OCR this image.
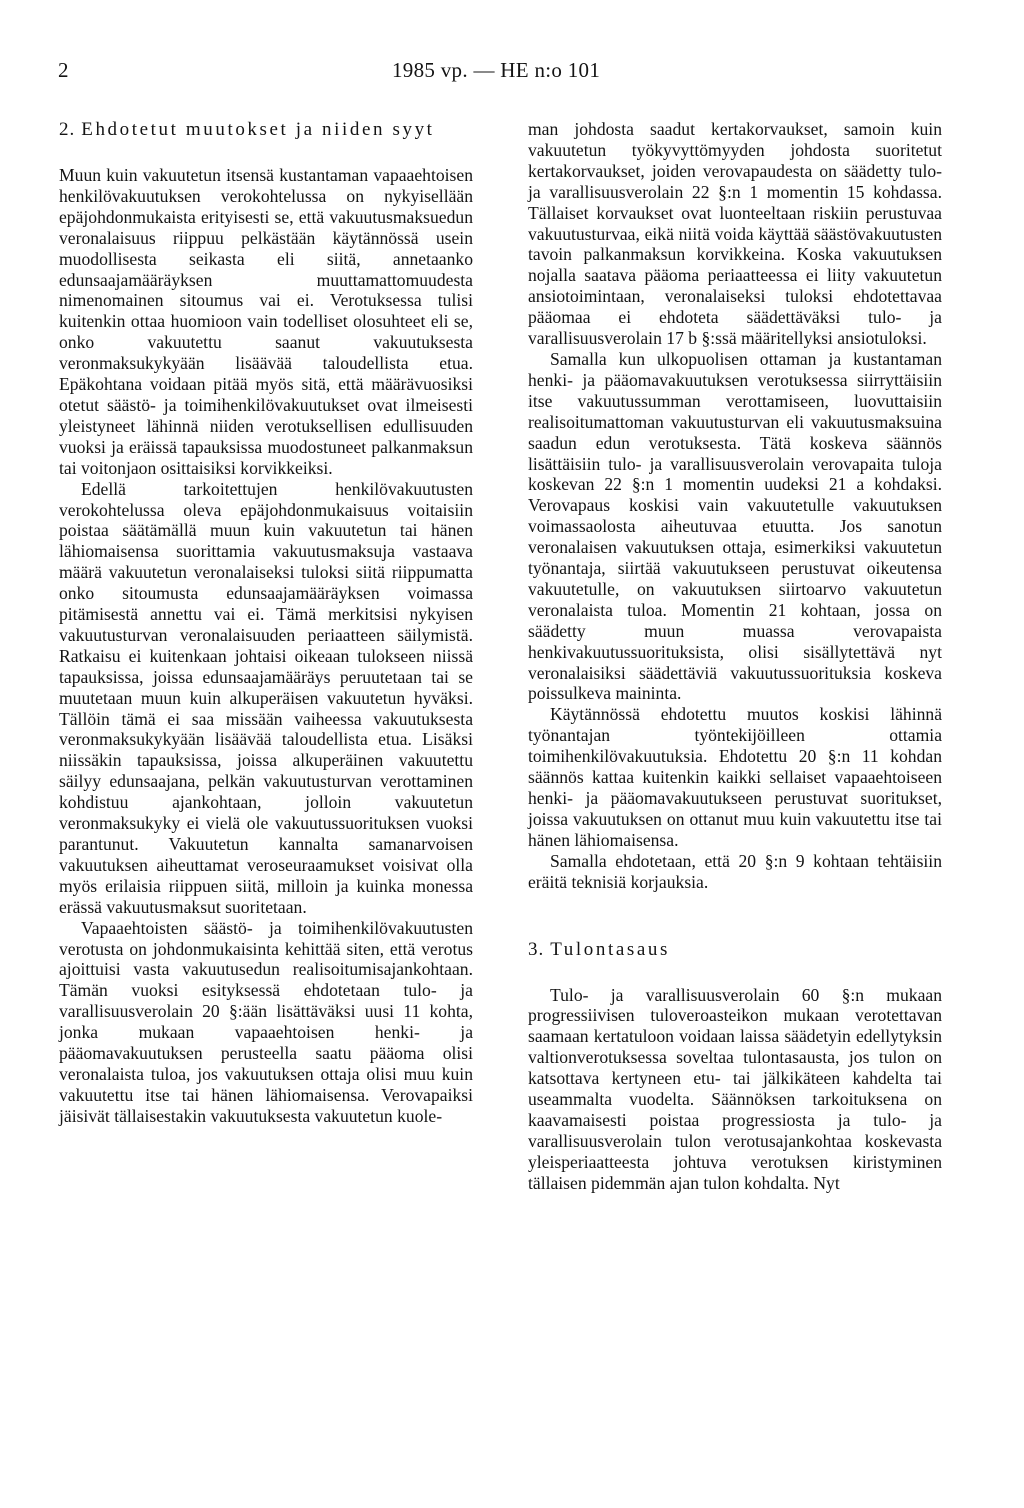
2	1985 vp. — HE n:o 101
2. Ehdotetut muutokset ja niiden syyt

Muun kuin vakuutetun itsensä kustantaman vapaaehtoisen henkilövakuutuksen verokohtelussa on nykyisellään epäjohdonmukaista erityisesti se, että vakuutusmaksuedun veronalaisuus riippuu pelkästään käytännössä usein muodollisesta seikasta eli siitä, annetaanko edunsaajamääräyksen muuttamattomuudesta nimenomainen sitoumus vai ei. Verotuksessa tulisi kuitenkin ottaa huomioon vain todelliset olosuhteet eli se, onko vakuutettu saanut vakuutuksesta veronmaksukykyään lisäävää taloudellista etua. Epäkohtana voidaan pitää myös sitä, että määrävuosiksi otetut säästö- ja toimihenkilövakuutukset ovat ilmeisesti yleistyneet lähinnä niiden verotuksellisen edullisuuden vuoksi ja eräissä tapauksissa muodostuneet palkanmaksun tai voitonjaon osittaisiksi korvikkeiksi.

Edellä tarkoitettujen henkilövakuutusten verokohtelussa oleva epäjohdonmukaisuus voitaisiin poistaa säätämällä muun kuin vakuutetun tai hänen lähiomaisensa suorittamia vakuutusmaksuja vastaava määrä vakuutetun veronalaiseksi tuloksi siitä riippumatta onko sitoumusta edunsaajamääräyksen voimassa pitämisestä annettu vai ei. Tämä merkitsisi nykyisen vakuutusturvan veronalaisuuden periaatteen säilymistä. Ratkaisu ei kuitenkaan johtaisi oikeaan tulokseen niissä tapauksissa, joissa edunsaajamääräys peruutetaan tai se muutetaan muun kuin alkuperäisen vakuutetun hyväksi. Tällöin tämä ei saa missään vaiheessa vakuutuksesta veronmaksukykyään lisäävää taloudellista etua. Lisäksi niissäkin tapauksissa, joissa alkuperäinen vakuutettu säilyy edunsaajana, pelkän vakuutusturvan verottaminen kohdistuu ajankohtaan, jolloin vakuutetun veronmaksukyky ei vielä ole vakuutussuorituksen vuoksi parantunut. Vakuutetun kannalta samanarvoisen vakuutuksen aiheuttamat veroseuraamukset voisivat olla myös erilaisia riippuen siitä, milloin ja kuinka monessa erässä vakuutusmaksut suoritetaan.

Vapaaehtoisten säästö- ja toimihenkilövakuutusten verotusta on johdonmukaisinta kehittää siten, että verotus ajoittuisi vasta vakuutusedun realisoitumisajankohtaan. Tämän vuoksi esityksessä ehdotetaan tulo- ja varallisuusverolain 20 §:ään lisättäväksi uusi 11 kohta, jonka mukaan vapaaehtoisen henki- ja pääomavakuutuksen perusteella saatu pääoma olisi veronalaista tuloa, jos vakuutuksen ottaja olisi muu kuin vakuutettu itse tai hänen lähiomaisensa. Verovapaiksi jäisivät tällaisestakin vakuutuksesta vakuutetun kuole-

man johdosta saadut kertakorvaukset, samoin kuin vakuutetun työkyvyttömyyden johdosta suoritetut kertakorvaukset, joiden verovapaudesta on säädetty tulo- ja varallisuusverolain 22 §:n 1 momentin 15 kohdassa. Tällaiset korvaukset ovat luonteeltaan riskiin perustuvaa vakuutusturvaa, eikä niitä voida käyttää säästövakuutusten tavoin palkanmaksun korvikkeina. Koska vakuutuksen nojalla saatava pääoma periaatteessa ei liity vakuutetun ansiotoimintaan, veronalaiseksi tuloksi ehdotettavaa pääomaa ei ehdoteta säädettäväksi tulo- ja varallisuusverolain 17 b §:ssä määritellyksi ansiotuloksi.

Samalla kun ulkopuolisen ottaman ja kustantaman henki- ja pääomavakuutuksen verotuksessa siirryttäisiin itse vakuutussumman verottamiseen, luovuttaisiin realisoitumattoman vakuutusturvan eli vakuutusmaksuina saadun edun verotuksesta. Tätä koskeva säännös lisättäisiin tulo- ja varallisuusverolain verovapaita tuloja koskevan 22 §:n 1 momentin uudeksi 21 a kohdaksi. Verovapaus koskisi vain vakuutetulle vakuutuksen voimassaolosta aiheutuvaa etuutta. Jos sanotun veronalaisen vakuutuksen ottaja, esimerkiksi vakuutetun työnantaja, siirtää vakuutukseen perustuvat oikeutensa vakuutetulle, on vakuutuksen siirtoarvo vakuutetun veronalaista tuloa. Momentin 21 kohtaan, jossa on säädetty muun muassa verovapaista henkivakuutussuorituksista, olisi sisällytettävä nyt veronalaisiksi säädettäviä vakuutussuorituksia koskeva poissulkeva maininta.

Käytännössä ehdotettu muutos koskisi lähinnä työnantajan työntekijöilleen ottamia toimihenkilövakuutuksia. Ehdotettu 20 §:n 11 kohdan säännös kattaa kuitenkin kaikki sellaiset vapaaehtoiseen henki- ja pääomavakuutukseen perustuvat suoritukset, joissa vakuutuksen on ottanut muu kuin vakuutettu itse tai hänen lähiomaisensa.

Samalla ehdotetaan, että 20 §:n 9 kohtaan tehtäisiin eräitä teknisiä korjauksia.

3. Tulontasaus

Tulo- ja varallisuusverolain 60 §:n mukaan progressiivisen tuloveroasteikon mukaan verotettavan saamaan kertatuloon voidaan laissa säädetyin edellytyksin valtionverotuksessa soveltaa tulontasausta, jos tulon on katsottava kertyneen etu- tai jälkikäteen kahdelta tai useammalta vuodelta. Säännöksen tarkoituksena on kaavamaisesti poistaa progressiosta ja tulo- ja varallisuusverolain tulon verotusajankohtaa koskevasta yleisperiaatteesta johtuva verotuksen kiristyminen tällaisen pidemmän ajan tulon kohdalta. Nyt
